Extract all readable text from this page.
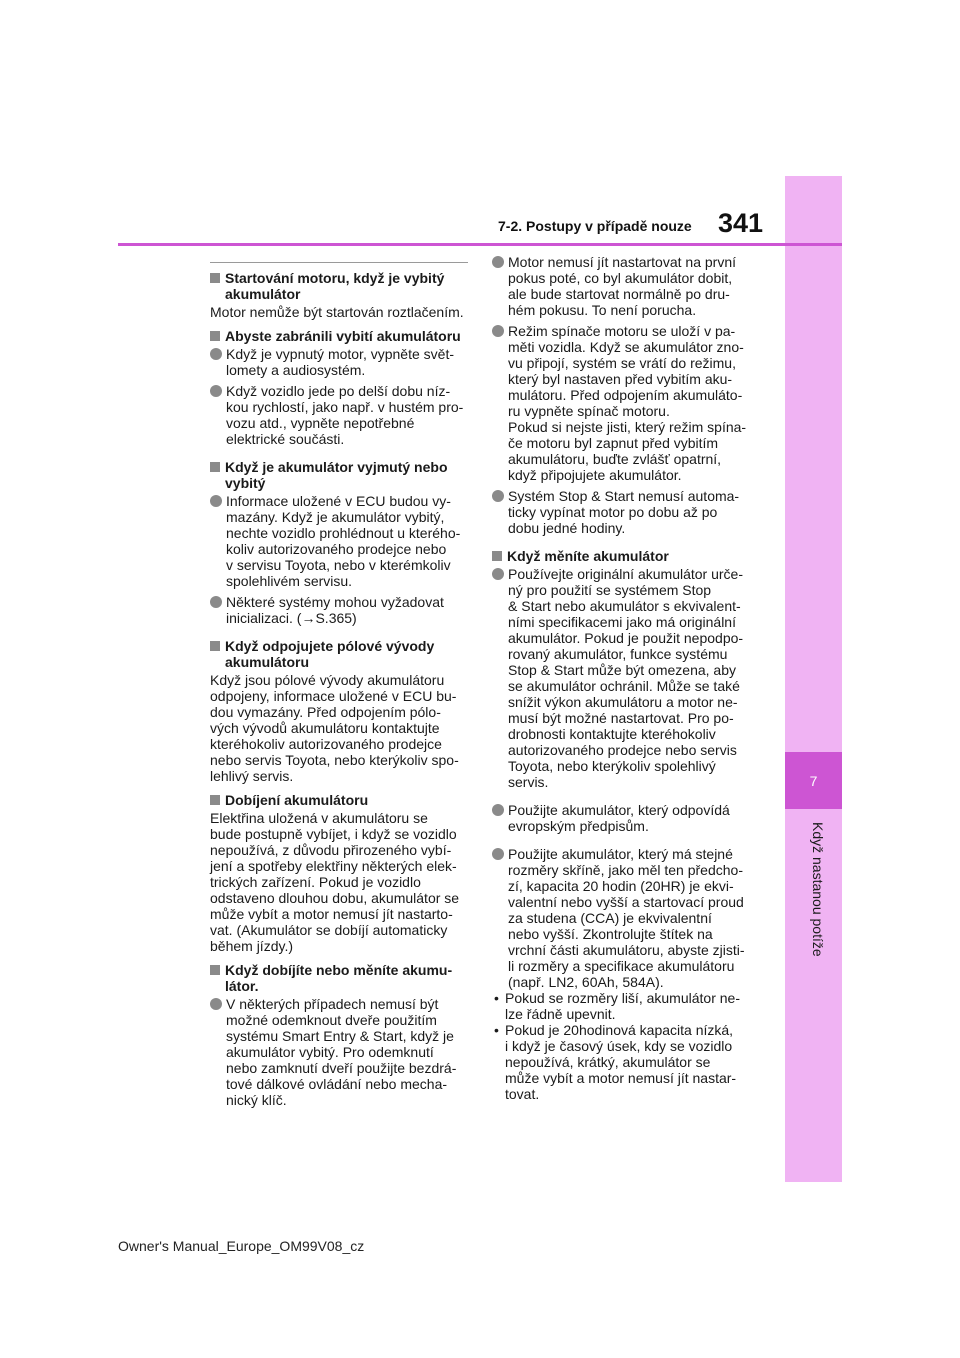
7
Když nastanou potíže
7-2. Postupy v případě nouze 341
Startování motoru, když je vybitý
akumulátor
Motor nemůže být startován roztlačením.
Abyste zabránili vybití akumulátoru
Když je vypnutý motor, vypněte svět-
lomety a audiosystém.
Když vozidlo jede po delší dobu níz-
kou rychlostí, jako např. v hustém pro-
vozu atd., vypněte nepotřebné
elektrické součásti.
Když je akumulátor vyjmutý nebo
vybitý
Informace uložené v ECU budou vy-
mazány. Když je akumulátor vybitý,
nechte vozidlo prohlédnout u kterého-
koliv autorizovaného prodejce nebo
v servisu Toyota, nebo v kterémkoliv
spolehlivém servisu.
Některé systémy mohou vyžadovat
inicializaci. (→S.365)
Když odpojujete pólové vývody
akumulátoru
Když jsou pólové vývody akumulátoru
odpojeny, informace uložené v ECU bu-
dou vymazány. Před odpojením pólo-
vých vývodů akumulátoru kontaktujte
kteréhokoliv autorizovaného prodejce
nebo servis Toyota, nebo kterýkoliv spo-
lehlivý servis.
Dobíjení akumulátoru
Elektřina uložená v akumulátoru se
bude postupně vybíjet, i když se vozidlo
nepoužívá, z důvodu přirozeného vybí-
jení a spotřeby elektřiny některých elek-
trických zařízení. Pokud je vozidlo
odstaveno dlouhou dobu, akumulátor se
může vybít a motor nemusí jít nastarto-
vat. (Akumulátor se dobíjí automaticky
během jízdy.)
Když dobíjíte nebo měníte akumu-
látor.
V některých případech nemusí být
možné odemknout dveře použitím
systému Smart Entry & Start, když je
akumulátor vybitý. Pro odemknutí
nebo zamknutí dveří použijte bezdrá-
tové dálkové ovládání nebo mecha-
nický klíč.
Motor nemusí jít nastartovat na první
pokus poté, co byl akumulátor dobit,
ale bude startovat normálně po dru-
hém pokusu. To není porucha.
Režim spínače motoru se uloží v pa-
měti vozidla. Když se akumulátor zno-
vu připojí, systém se vrátí do režimu,
který byl nastaven před vybitím aku-
mulátoru. Před odpojením akumuláto-
ru vypněte spínač motoru.
Pokud si nejste jisti, který režim spína-
če motoru byl zapnut před vybitím
akumulátoru, buďte zvlášť opatrní,
když připojujete akumulátor.
Systém Stop & Start nemusí automa-
ticky vypínat motor po dobu až po
dobu jedné hodiny.
Když měníte akumulátor
Používejte originální akumulátor urče-
ný pro použití se systémem Stop
& Start nebo akumulátor s ekvivalent-
ními specifikacemi jako má originální
akumulátor. Pokud je použit nepodpo-
rovaný akumulátor, funkce systému
Stop & Start může být omezena, aby
se akumulátor ochránil. Může se také
snížit výkon akumulátoru a motor ne-
musí být možné nastartovat. Pro po-
drobnosti kontaktujte kteréhokoliv
autorizovaného prodejce nebo servis
Toyota, nebo kterýkoliv spolehlivý
servis.
Použijte akumulátor, který odpovídá
evropským předpisům.
Použijte akumulátor, který má stejné
rozměry skříně, jako měl ten předcho-
zí, kapacita 20 hodin (20HR) je ekvi-
valentní nebo vyšší a startovací proud
za studena (CCA) je ekvivalentní
nebo vyšší. Zkontrolujte štítek na
vrchní části akumulátoru, abyste zjisti-
li rozměry a specifikace akumulátoru
(např. LN2, 60Ah, 584A).
• Pokud se rozměry liší, akumulátor ne-
lze řádně upevnit.
• Pokud je 20hodinová kapacita nízká,
i když je časový úsek, kdy se vozidlo
nepoužívá, krátký, akumulátor se
může vybít a motor nemusí jít nastar-
tovat.
Owner's Manual_Europe_OM99V08_cz
